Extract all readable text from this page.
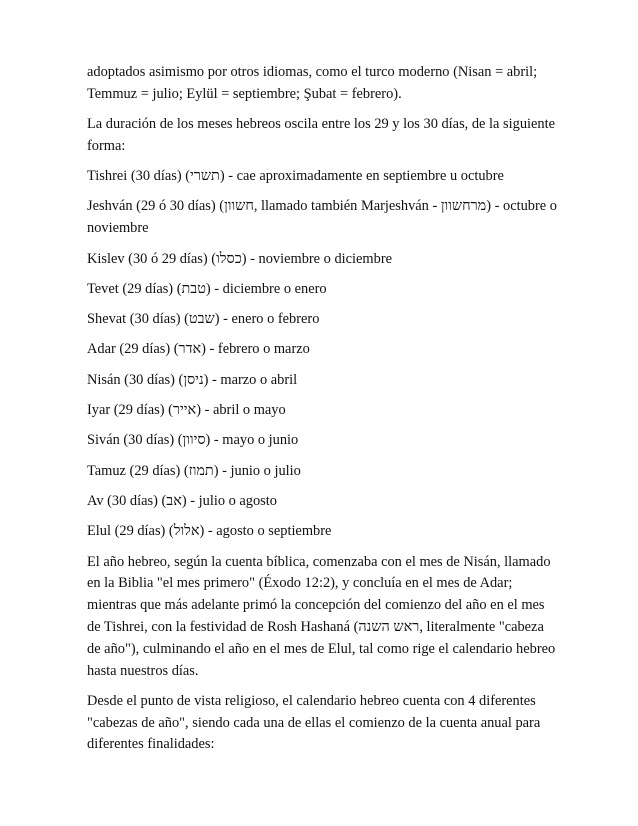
adoptados asimismo por otros idiomas, como el turco moderno (Nisan = abril; Temmuz = julio; Eylül = septiembre; Şubat = febrero).

La duración de los meses hebreos oscila entre los 29 y los 30 días, de la siguiente forma:

Tishrei (30 días) (תשרי) - cae aproximadamente en septiembre u octubre

Jeshván (29 ó 30 días) (חשוון, llamado también Marjeshván - מרחשוון) - octubre o noviembre

Kislev (30 ó 29 días) (כסלו) - noviembre o diciembre

Tevet (29 días) (טבת) - diciembre o enero

Shevat (30 días) (שבט) - enero o febrero

Adar (29 días) (אדר) - febrero o marzo

Nisán (30 días) (ניסן) - marzo o abril

Iyar (29 días) (אייר) - abril o mayo

Siván (30 días) (סיוון) - mayo o junio

Tamuz (29 días) (תמוז) - junio o julio

Av (30 días) (אב) - julio o agosto

Elul (29 días) (אלול) - agosto o septiembre

El año hebreo, según la cuenta bíblica, comenzaba con el mes de Nisán, llamado en la Biblia "el mes primero" (Éxodo 12:2), y concluía en el mes de Adar; mientras que más adelante primó la concepción del comienzo del año en el mes de Tishrei, con la festividad de Rosh Hashaná (ראש השנה, literalmente "cabeza de año"), culminando el año en el mes de Elul, tal como rige el calendario hebreo hasta nuestros días.

Desde el punto de vista religioso, el calendario hebreo cuenta con 4 diferentes "cabezas de año", siendo cada una de ellas el comienzo de la cuenta anual para diferentes finalidades:
